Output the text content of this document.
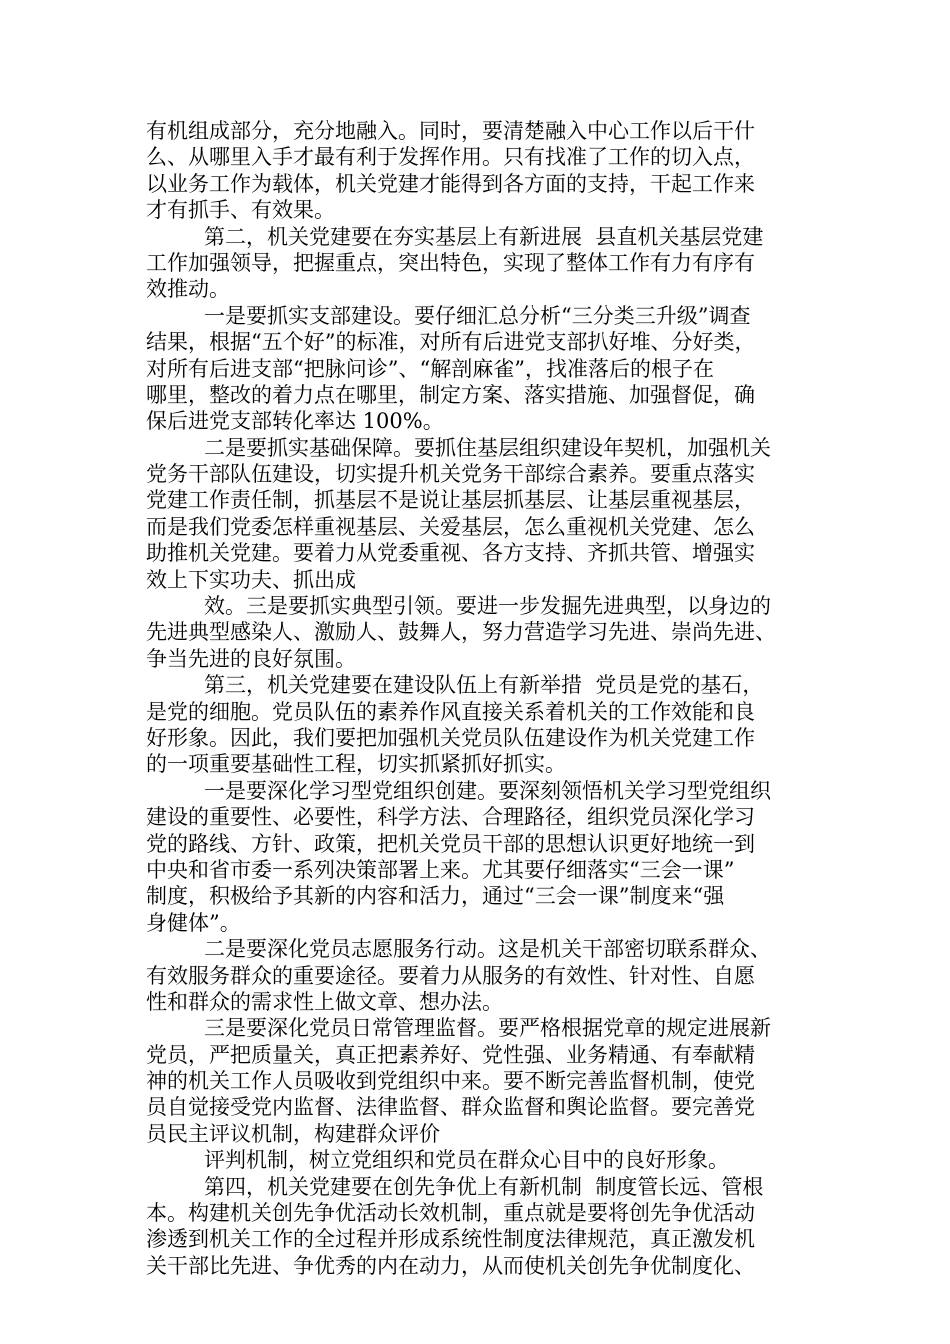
有机组成部分，充分地融入。同时，要清楚融入中心工作以后干什
么、从哪里入手才最有利于发挥作用。只有找准了工作的切入点，
以业务工作为载体，机关党建才能得到各方面的支持，干起工作来
才有抓手、有效果。
第二，机关党建要在夯实基层上有新进展  县直机关基层党建
工作加强领导，把握重点，突出特色，实现了整体工作有力有序有
效推动。
一是要抓实支部建设。要仔细汇总分析“三分类三升级”调查
结果，根据“五个好”的标准，对所有后进党支部扒好堆、分好类，
对所有后进支部“把脉问诊”、“解剖麻雀”，找准落后的根子在
哪里，整改的着力点在哪里，制定方案、落实措施、加强督促，确
保后进党支部转化率达 100%。
二是要抓实基础保障。要抓住基层组织建设年契机，加强机关
党务干部队伍建设，切实提升机关党务干部综合素养。要重点落实
党建工作责任制，抓基层不是说让基层抓基层、让基层重视基层，
而是我们党委怎样重视基层、关爱基层，怎么重视机关党建、怎么
助推机关党建。要着力从党委重视、各方支持、齐抓共管、增强实
效上下实功夫、抓出成
效。三是要抓实典型引领。要进一步发掘先进典型，以身边的
先进典型感染人、激励人、鼓舞人，努力营造学习先进、崇尚先进、
争当先进的良好氛围。
第三，机关党建要在建设队伍上有新举措  党员是党的基石，
是党的细胞。党员队伍的素养作风直接关系着机关的工作效能和良
好形象。因此，我们要把加强机关党员队伍建设作为机关党建工作
的一项重要基础性工程，切实抓紧抓好抓实。
一是要深化学习型党组织创建。要深刻领悟机关学习型党组织
建设的重要性、必要性，科学方法、合理路径，组织党员深化学习
党的路线、方针、政策，把机关党员干部的思想认识更好地统一到
中央和省市委一系列决策部署上来。尤其要仔细落实“三会一课”
制度，积极给予其新的内容和活力，通过“三会一课”制度来“强
身健体”。
二是要深化党员志愿服务行动。这是机关干部密切联系群众、
有效服务群众的重要途径。要着力从服务的有效性、针对性、自愿
性和群众的需求性上做文章、想办法。
三是要深化党员日常管理监督。要严格根据党章的规定进展新
党员，严把质量关，真正把素养好、党性强、业务精通、有奉献精
神的机关工作人员吸收到党组织中来。要不断完善监督机制，使党
员自觉接受党内监督、法律监督、群众监督和舆论监督。要完善党
员民主评议机制，构建群众评价
评判机制，树立党组织和党员在群众心目中的良好形象。
第四，机关党建要在创先争优上有新机制  制度管长远、管根
本。构建机关创先争优活动长效机制，重点就是要将创先争优活动
渗透到机关工作的全过程并形成系统性制度法律规范，真正激发机
关干部比先进、争优秀的内在动力，从而使机关创先争优制度化、
